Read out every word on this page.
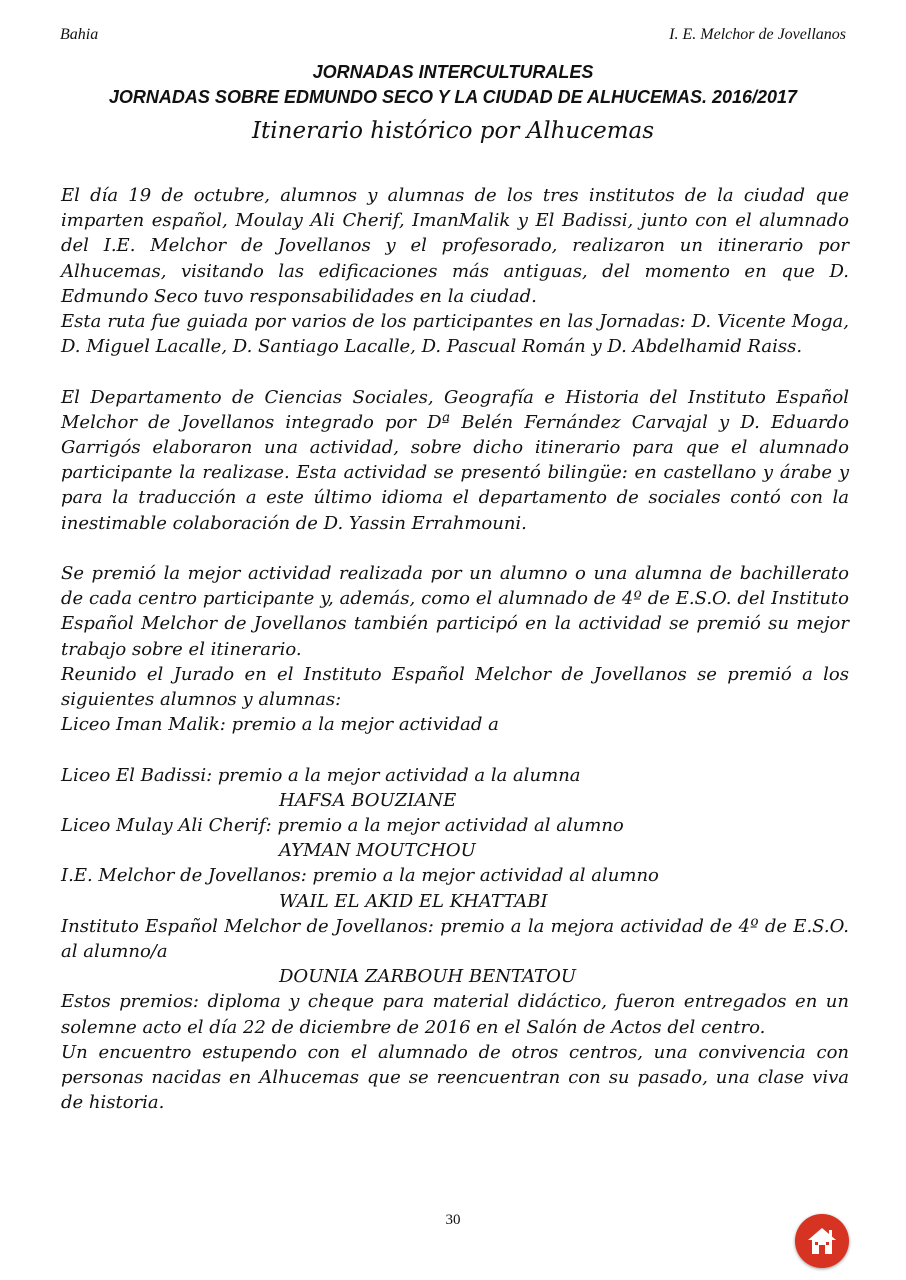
Bahia	I. E. Melchor de Jovellanos
JORNADAS INTERCULTURALES
JORNADAS SOBRE EDMUNDO SECO Y LA CIUDAD DE ALHUCEMAS. 2016/2017
Itinerario histórico por Alhucemas

El día 19 de octubre, alumnos y alumnas de los tres institutos de la ciudad que imparten español, Moulay Ali Cherif, ImanMalik y El Badissi, junto con el alumnado del I.E. Melchor de Jovellanos y el profesorado, realizaron un itinerario por Alhucemas, visitando las edificaciones más antiguas, del momento en que D. Edmundo Seco tuvo responsabilidades en la ciudad.

Esta ruta fue guiada por varios de los participantes en las Jornadas: D. Vicente Moga, D. Miguel Lacalle, D. Santiago Lacalle, D. Pascual Román y D. Abdelhamid Raiss.

El Departamento de Ciencias Sociales, Geografía e Historia del Instituto Español Melchor de Jovellanos integrado por Dª Belén Fernández Carvajal y D. Eduardo Garrigós elaboraron una actividad, sobre dicho itinerario para que el alumnado participante la realizase. Esta actividad se presentó bilingüe: en castellano y árabe y para la traducción a este último idioma el departamento de sociales contó con la inestimable colaboración de D. Yassin Errahmouni.

Se premió la mejor actividad realizada por un alumno o una alumna de bachillerato de cada centro participante y, además, como el alumnado de 4º de E.S.O. del Instituto Español Melchor de Jovellanos también participó en la actividad se premió su mejor trabajo sobre el itinerario.

Reunido el Jurado en el Instituto Español Melchor de Jovellanos se premió a los siguientes alumnos y alumnas:

Liceo Iman Malik: premio a la mejor actividad a

Liceo El Badissi: premio a la mejor actividad a la alumna

HAFSA BOUZIANE

Liceo Mulay Ali Cherif: premio a la mejor actividad al alumno

AYMAN MOUTCHOU

I.E. Melchor de Jovellanos: premio a la mejor actividad al alumno

WAIL EL AKID EL KHATTABI

Instituto Español Melchor de Jovellanos: premio a la mejora actividad de 4º de E.S.O. al alumno/a

DOUNIA ZARBOUH BENTATOU

Estos premios: diploma y cheque para material didáctico, fueron entregados en un solemne acto el día 22 de diciembre de 2016 en el Salón de Actos del centro.

Un encuentro estupendo con el alumnado de otros centros, una convivencia con personas nacidas en Alhucemas que se reencuentran con su pasado, una clase viva de historia.

30
